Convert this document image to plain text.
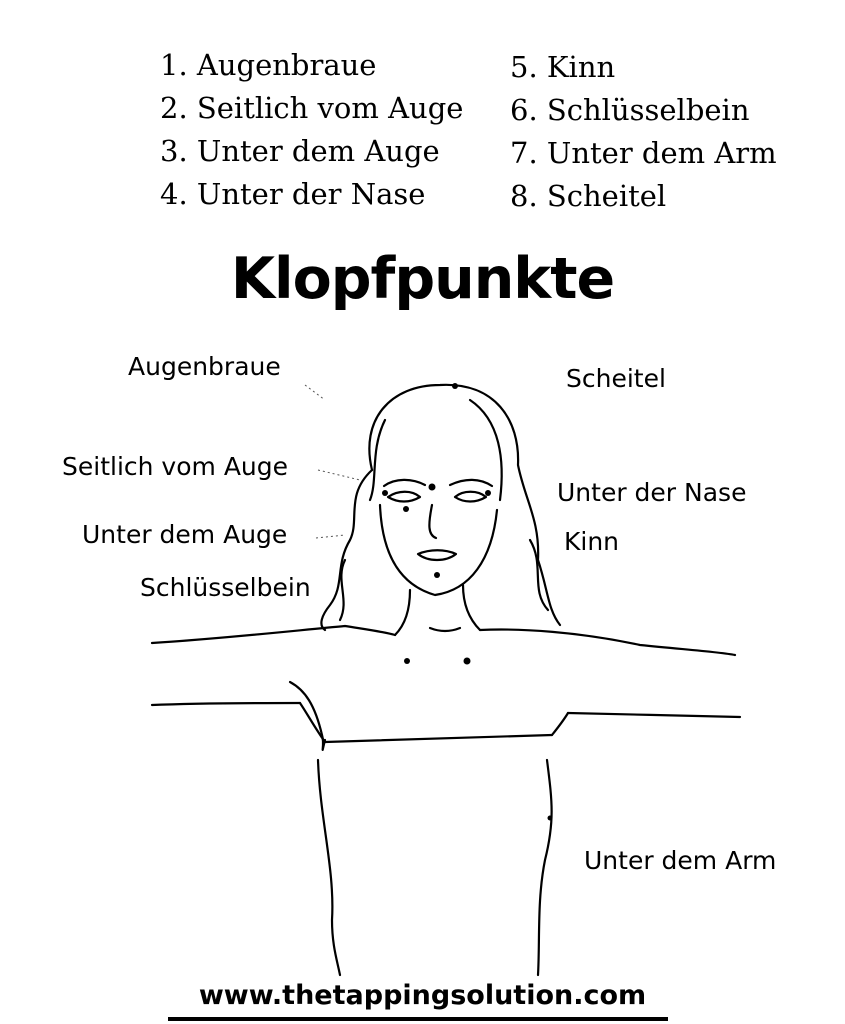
1. Augenbraue
2. Seitlich vom Auge
3. Unter dem Auge
4. Unter der Nase
5. Kinn
6. Schlüsselbein
7. Unter dem Arm
8. Scheitel
Klopfpunkte
Augenbraue
Seitlich vom Auge
Unter dem Auge
Schlüsselbein
Scheitel
Unter der Nase
Kinn
Unter dem Arm

www.thetappingsolution.com
